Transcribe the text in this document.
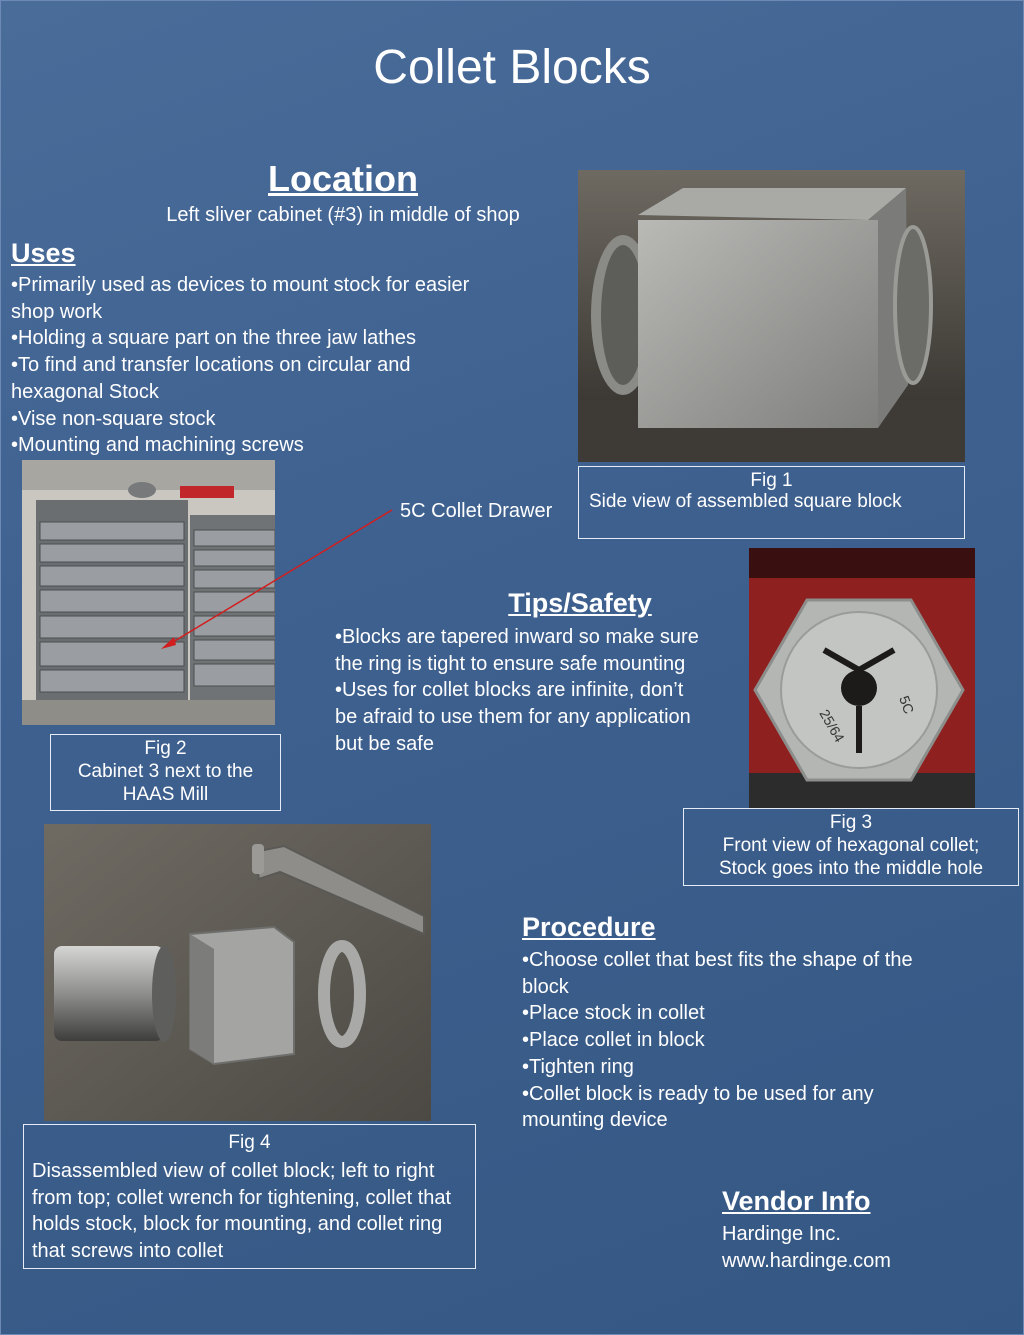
Collet Blocks
Location
Left sliver cabinet (#3) in middle of shop
Uses
•Primarily used as devices to mount stock for easier shop work
•Holding a square part on the three jaw lathes
•To find and transfer locations on circular and hexagonal Stock
•Vise non-square stock
•Mounting and machining screws
Fig 1
Side view of assembled square block
Fig 2
Cabinet 3 next to the HAAS Mill
5C Collet Drawer
Tips/Safety
•Blocks are tapered inward so make sure the ring is tight to ensure safe mounting
•Uses for collet blocks are infinite, don’t be afraid to use them for any application but be safe	25/64
5C
Fig 3
Front view of hexagonal collet;
Stock goes into the middle hole
Fig 4
Disassembled view of collet block; left to right from top; collet wrench for tightening, collet that holds stock, block for mounting, and collet ring that screws into collet
Procedure
•Choose collet that best fits the shape of the block
•Place stock in collet
•Place collet in block
•Tighten ring
•Collet block is ready to be used for any mounting device
Vendor Info
Hardinge Inc.
www.hardinge.com
